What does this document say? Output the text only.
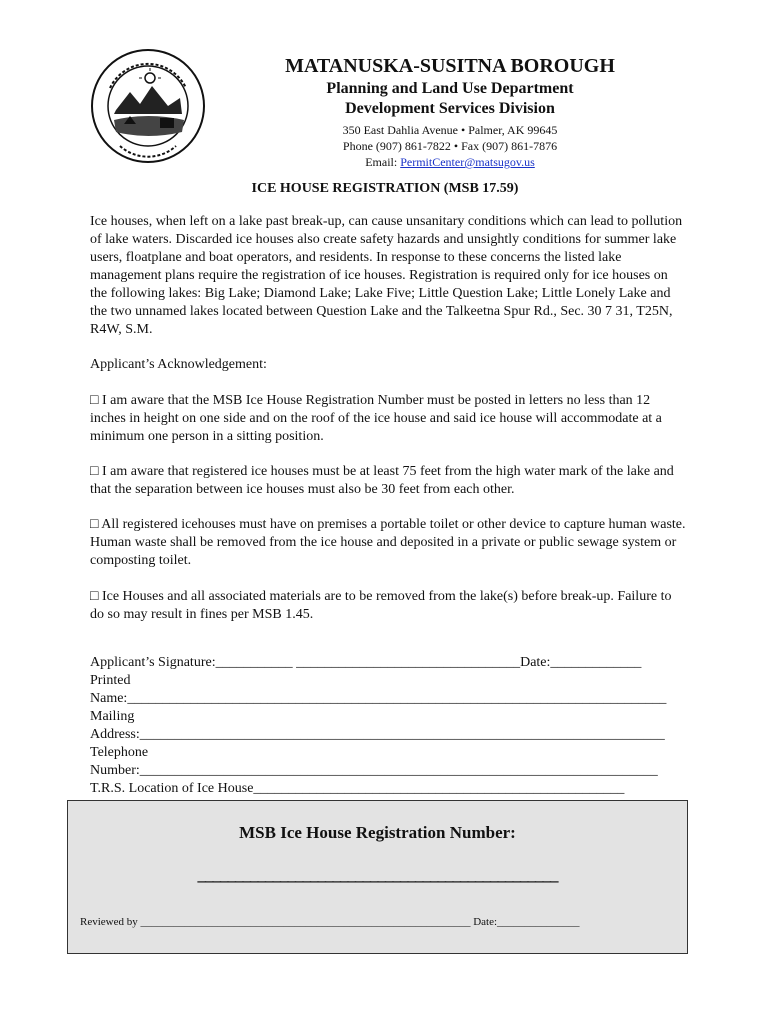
MATANUSKA-SUSITNA BOROUGH
Planning and Land Use Department
Development Services Division
350 East Dahlia Avenue • Palmer, AK 99645
Phone (907) 861-7822 • Fax (907) 861-7876
Email: PermitCenter@matsugov.us
ICE HOUSE REGISTRATION (MSB 17.59)
Ice houses, when left on a lake past break-up, can cause unsanitary conditions which can lead to pollution of lake waters. Discarded ice houses also create safety hazards and unsightly conditions for summer lake users, floatplane and boat operators, and residents. In response to these concerns the listed lake management plans require the registration of ice houses. Registration is required only for ice houses on the following lakes: Big Lake; Diamond Lake; Lake Five; Little Question Lake; Little Lonely Lake and the two unnamed lakes located between Question Lake and the Talkeetna Spur Rd., Sec. 30 7 31, T25N, R4W, S.M.
Applicant’s Acknowledgement:
□ I am aware that the MSB Ice House Registration Number must be posted in letters no less than 12 inches in height on one side and on the roof of the ice house and said ice house will accommodate at a minimum one person in a sitting position.
□ I am aware that registered ice houses must be at least 75 feet from the high water mark of the lake and that the separation between ice houses must also be 30 feet from each other.
□ All registered icehouses must have on premises a portable toilet or other device to capture human waste. Human waste shall be removed from the ice house and deposited in a private or public sewage system or composting toilet.
□ Ice Houses and all associated materials are to be removed from the lake(s) before break-up. Failure to do so may result in fines per MSB 1.45.
Applicant’s Signature:___________ ________________________________Date:_____________
Printed
Name:_____________________________________________________________________________
Mailing
Address:___________________________________________________________________________
Telephone
Number:__________________________________________________________________________
T.R.S. Location of Ice House_____________________________________________________
MSB Ice House Registration Number:
________________________________________________
Reviewed by ____________________________________________________________ Date:_______________
